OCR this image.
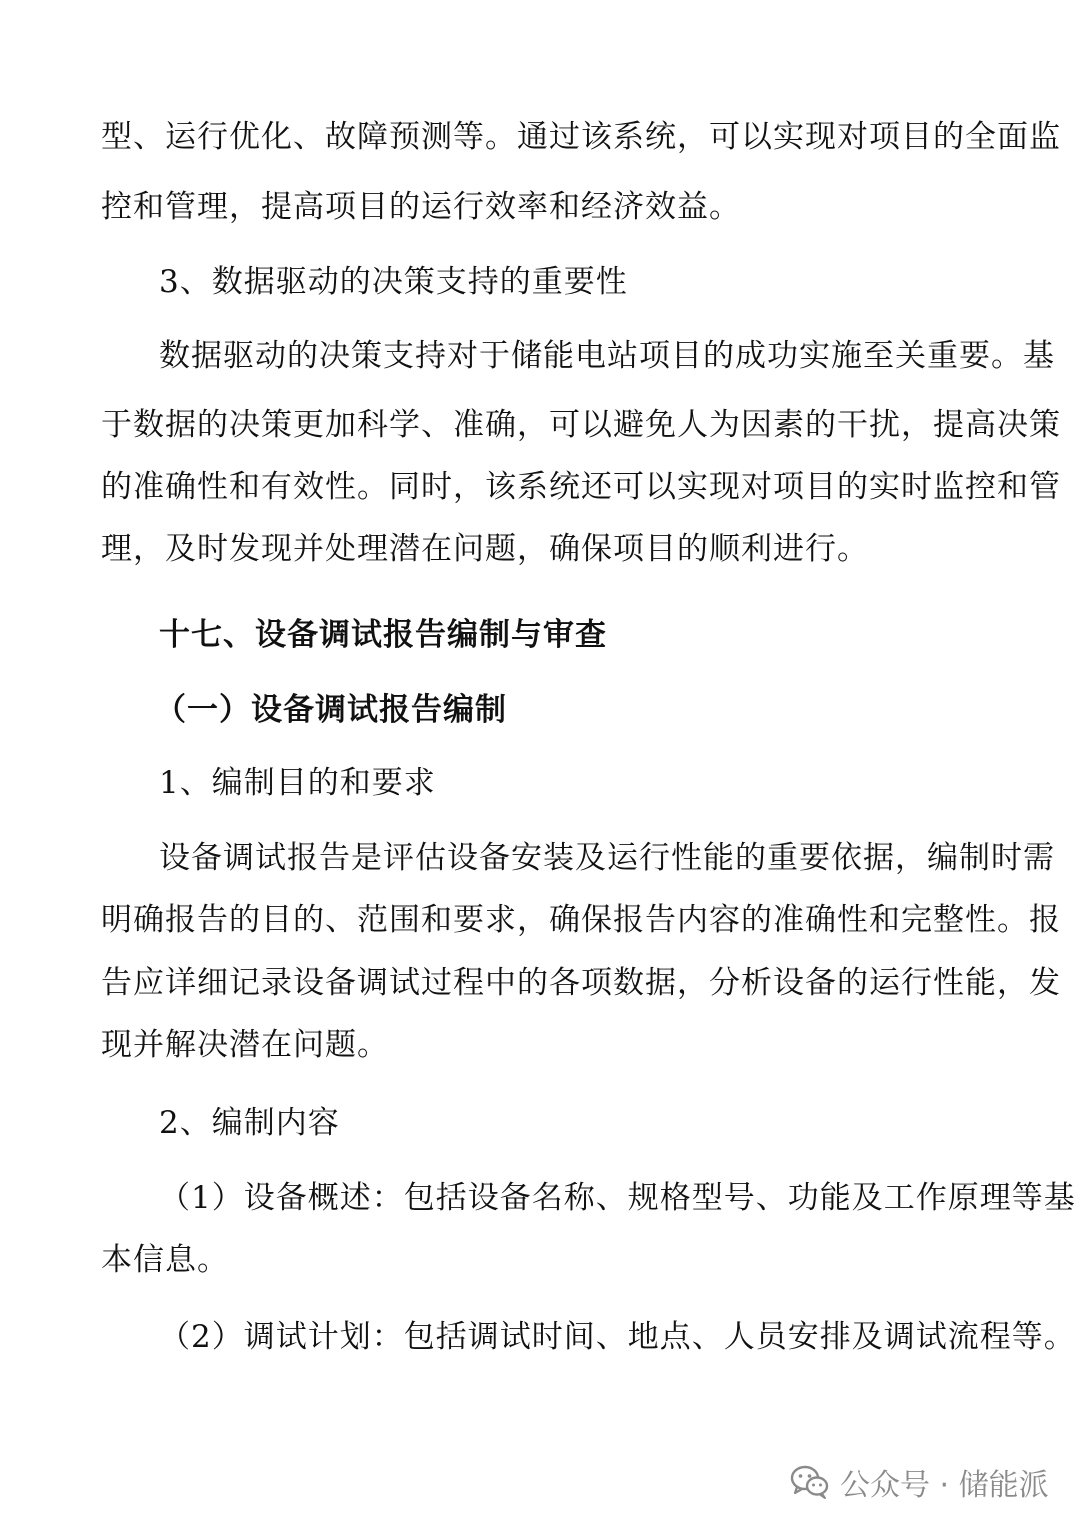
型、运行优化、故障预测等。通过该系统，可以实现对项目的全面监
控和管理，提高项目的运行效率和经济效益。
3、数据驱动的决策支持的重要性
数据驱动的决策支持对于储能电站项目的成功实施至关重要。基
于数据的决策更加科学、准确，可以避免人为因素的干扰，提高决策
的准确性和有效性。同时，该系统还可以实现对项目的实时监控和管
理，及时发现并处理潜在问题，确保项目的顺利进行。
十七、设备调试报告编制与审查
（一）设备调试报告编制
1、编制目的和要求
设备调试报告是评估设备安装及运行性能的重要依据，编制时需
明确报告的目的、范围和要求，确保报告内容的准确性和完整性。报
告应详细记录设备调试过程中的各项数据，分析设备的运行性能，发
现并解决潜在问题。
2、编制内容
（1）设备概述：包括设备名称、规格型号、功能及工作原理等基
本信息。
（2）调试计划：包括调试时间、地点、人员安排及调试流程等。
公众号 · 储能派
